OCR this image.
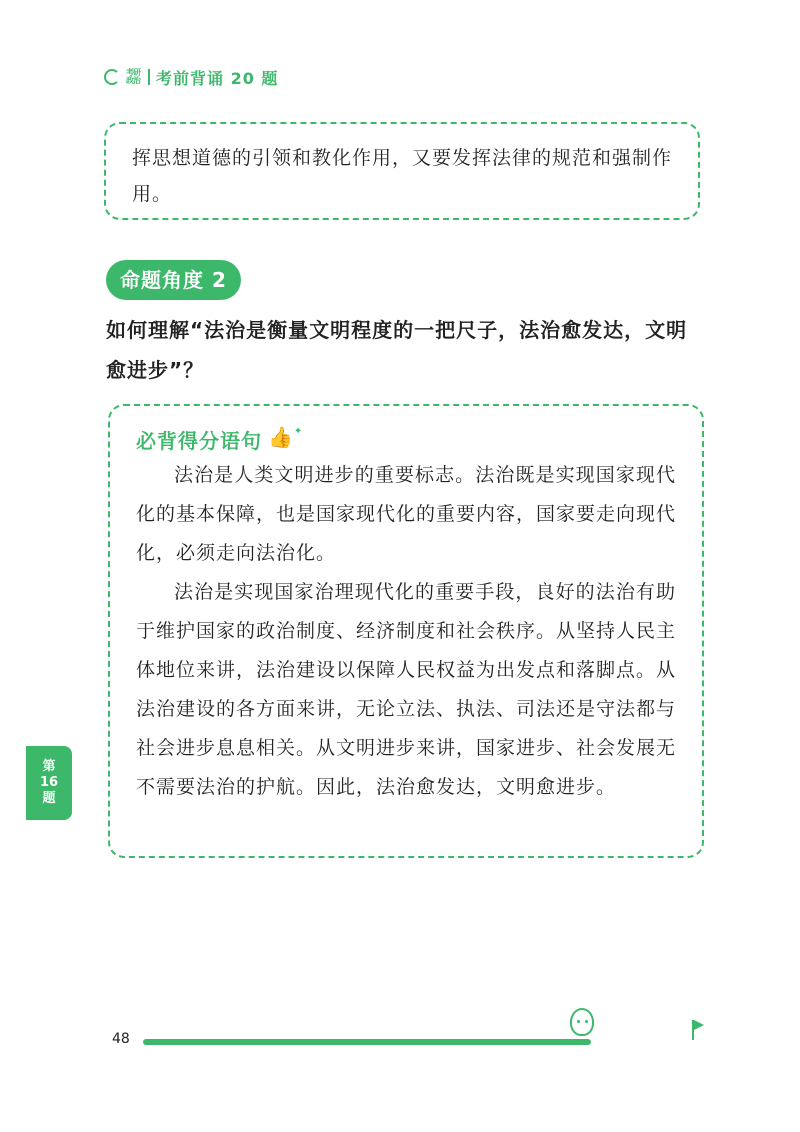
考研政治 考前背诵 20 题

挥思想道德的引领和教化作用，又要发挥法律的规范和强制作用。

命题角度 2
如何理解“法治是衡量文明程度的一把尺子，法治愈发达，文明愈进步”？
必背得分语句 👍 ✦

法治是人类文明进步的重要标志。法治既是实现国家现代化的基本保障，也是国家现代化的重要内容，国家要走向现代化，必须走向法治化。

法治是实现国家治理现代化的重要手段，良好的法治有助于维护国家的政治制度、经济制度和社会秩序。从坚持人民主体地位来讲，法治建设以保障人民权益为出发点和落脚点。从法治建设的各方面来讲，无论立法、执法、司法还是守法都与社会进步息息相关。从文明进步来讲，国家进步、社会发展无不需要法治的护航。因此，法治愈发达，文明愈进步。

第
16
题
48
